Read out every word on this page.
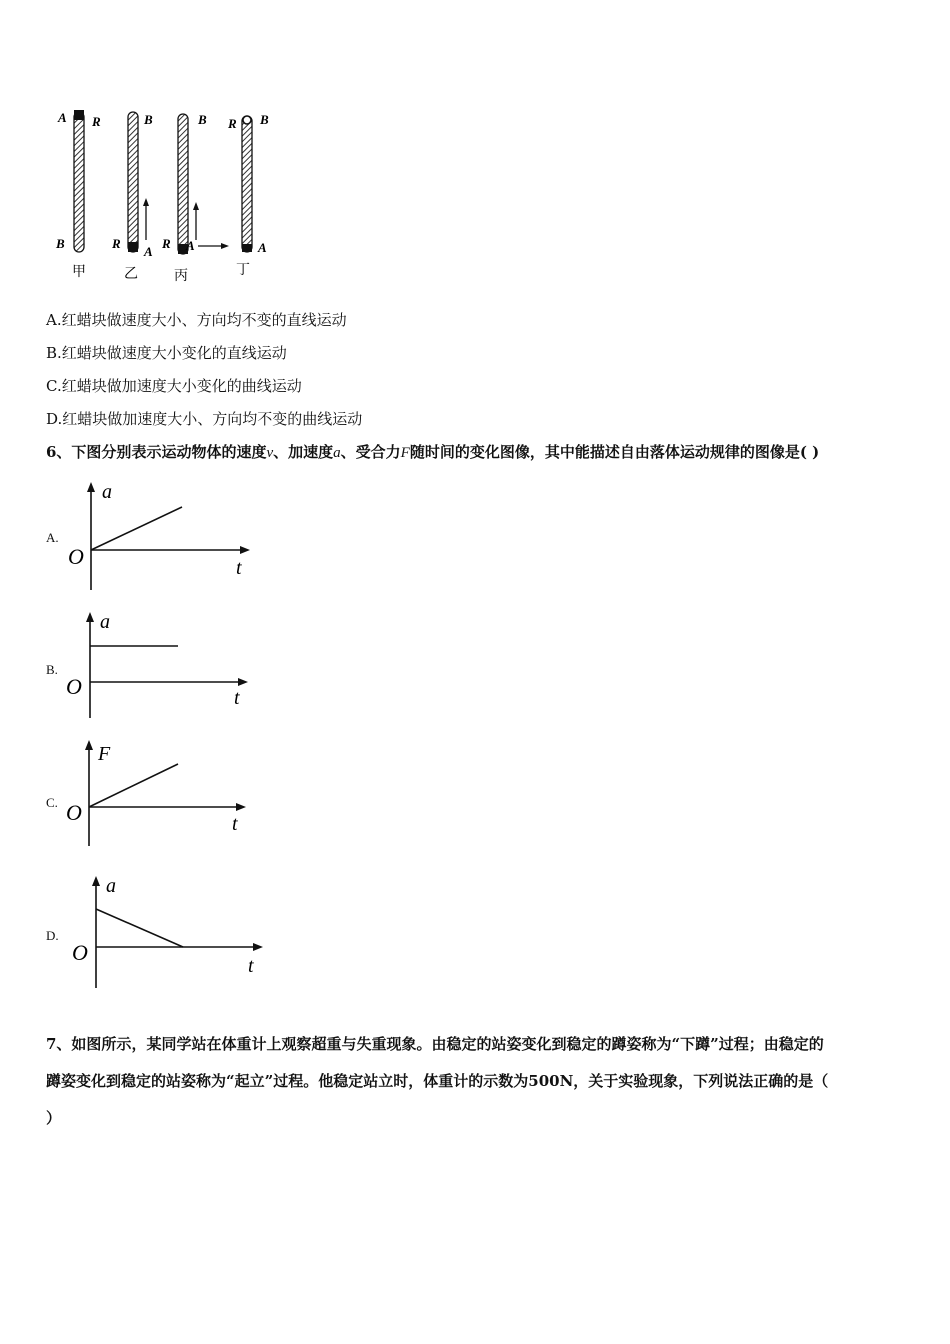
A R
B
甲
B
R
A
乙
B
R A
丙
R B
A
丁
A.红蜡块做速度大小、方向均不变的直线运动
B.红蜡块做速度大小变化的直线运动
C.红蜡块做加速度大小变化的曲线运动
D.红蜡块做加速度大小、方向均不变的曲线运动
6、下图分别表示运动物体的速度v、加速度a、受合力F随时间的变化图像，其中能描述自由落体运动规律的图像是( )
A.
a
O	t
B.
a
O	t
C.
F
O	t
D.
a
O
t
7、如图所示，某同学站在体重计上观察超重与失重现象。由稳定的站姿变化到稳定的蹲姿称为“下蹲”过程；由稳定的
蹲姿变化到稳定的站姿称为“起立”过程。他稳定站立时，体重计的示数为500N，关于实验现象，下列说法正确的是（
）
